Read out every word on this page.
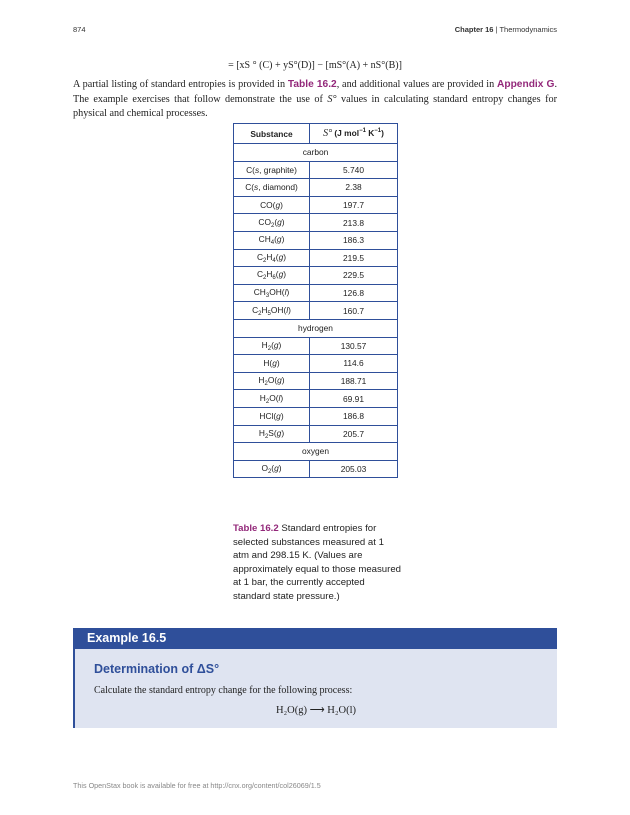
874	Chapter 16 | Thermodynamics
= [xS ° (C) + yS°(D)] − [mS°(A) + nS°(B)]

A partial listing of standard entropies is provided in Table 16.2, and additional values are provided in Appendix G. The example exercises that follow demonstrate the use of S° values in calculating standard entropy changes for physical and chemical processes.

Substance	S° (J mol$^{-1}$ $K^{-1}$)
carbon	
C(s, graphite)	5.740
C(s, diamond)	2.38
CO(g)	197.7
$CO_2(g)$	213.8
$CH_4(g)$	186.3
$C_2H_4(g)$	219.5
$C_2H_6(g)$	229.5
$CH_3OH(l)$	126.8
$C_2H_5OH(l)$	160.7
hydrogen	
$H_2(g)$	130.57
H(g)	114.6
$H_2O(g)$	188.71
$H_2O(l)$	69.91
HCl(g)	186.8
$H_2S(g)$	205.7
oxygen	
$O_2(g)$	205.03
Table 16.2 Standard entropies for selected substances measured at 1 atm and 298.15 K. (Values are approximately equal to those measured at 1 bar, the currently accepted standard state pressure.)
Example 16.5
Determination of ΔS°
Calculate the standard entropy change for the following process:
H₂O(g) ⟶ H₂O(l)
This OpenStax book is available for free at http://cnx.org/content/col26069/1.5
